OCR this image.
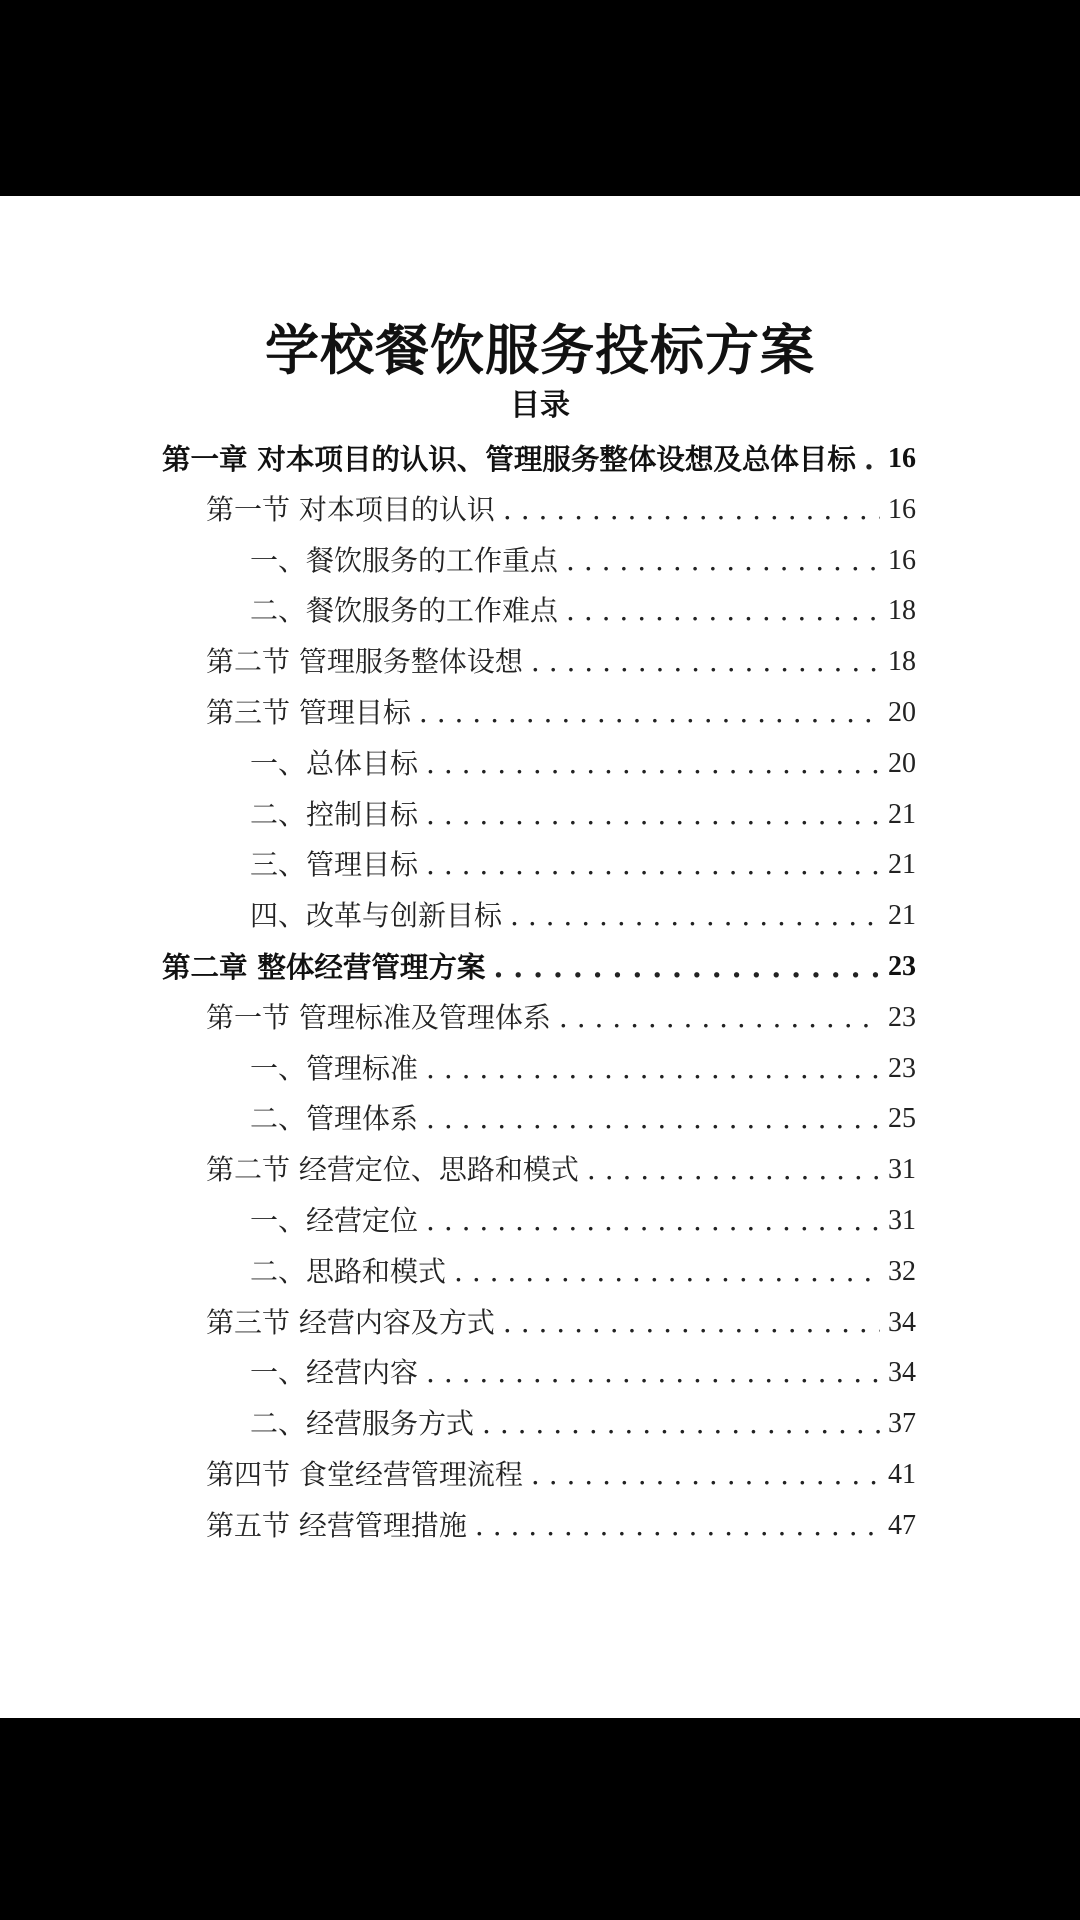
学校餐饮服务投标方案
目录
第一章 对本项目的认识、管理服务整体设想及总体目标 . . . 16
第一节 对本项目的认识 . . .	16
一、餐饮服务的工作重点 . . .	16
二、餐饮服务的工作难点 . . .	18
第二节 管理服务整体设想 . . .	18
第三节 管理目标 . . .	20
一、总体目标 . . .	20
二、控制目标 . . .	21
三、管理目标 . . .	21
四、改革与创新目标 . . .	21
第二章 整体经营管理方案 . . .	23
第一节 管理标准及管理体系 . . .	23
一、管理标准 . . .	23
二、管理体系 . . .	25
第二节 经营定位、思路和模式 . . .	31
一、经营定位 . . .	31
二、思路和模式 . . .	32
第三节 经营内容及方式 . . .	34
一、经营内容 . . .	34
二、经营服务方式 . . .	37
第四节 食堂经营管理流程 . . .	41
第五节 经营管理措施 . . .	47
